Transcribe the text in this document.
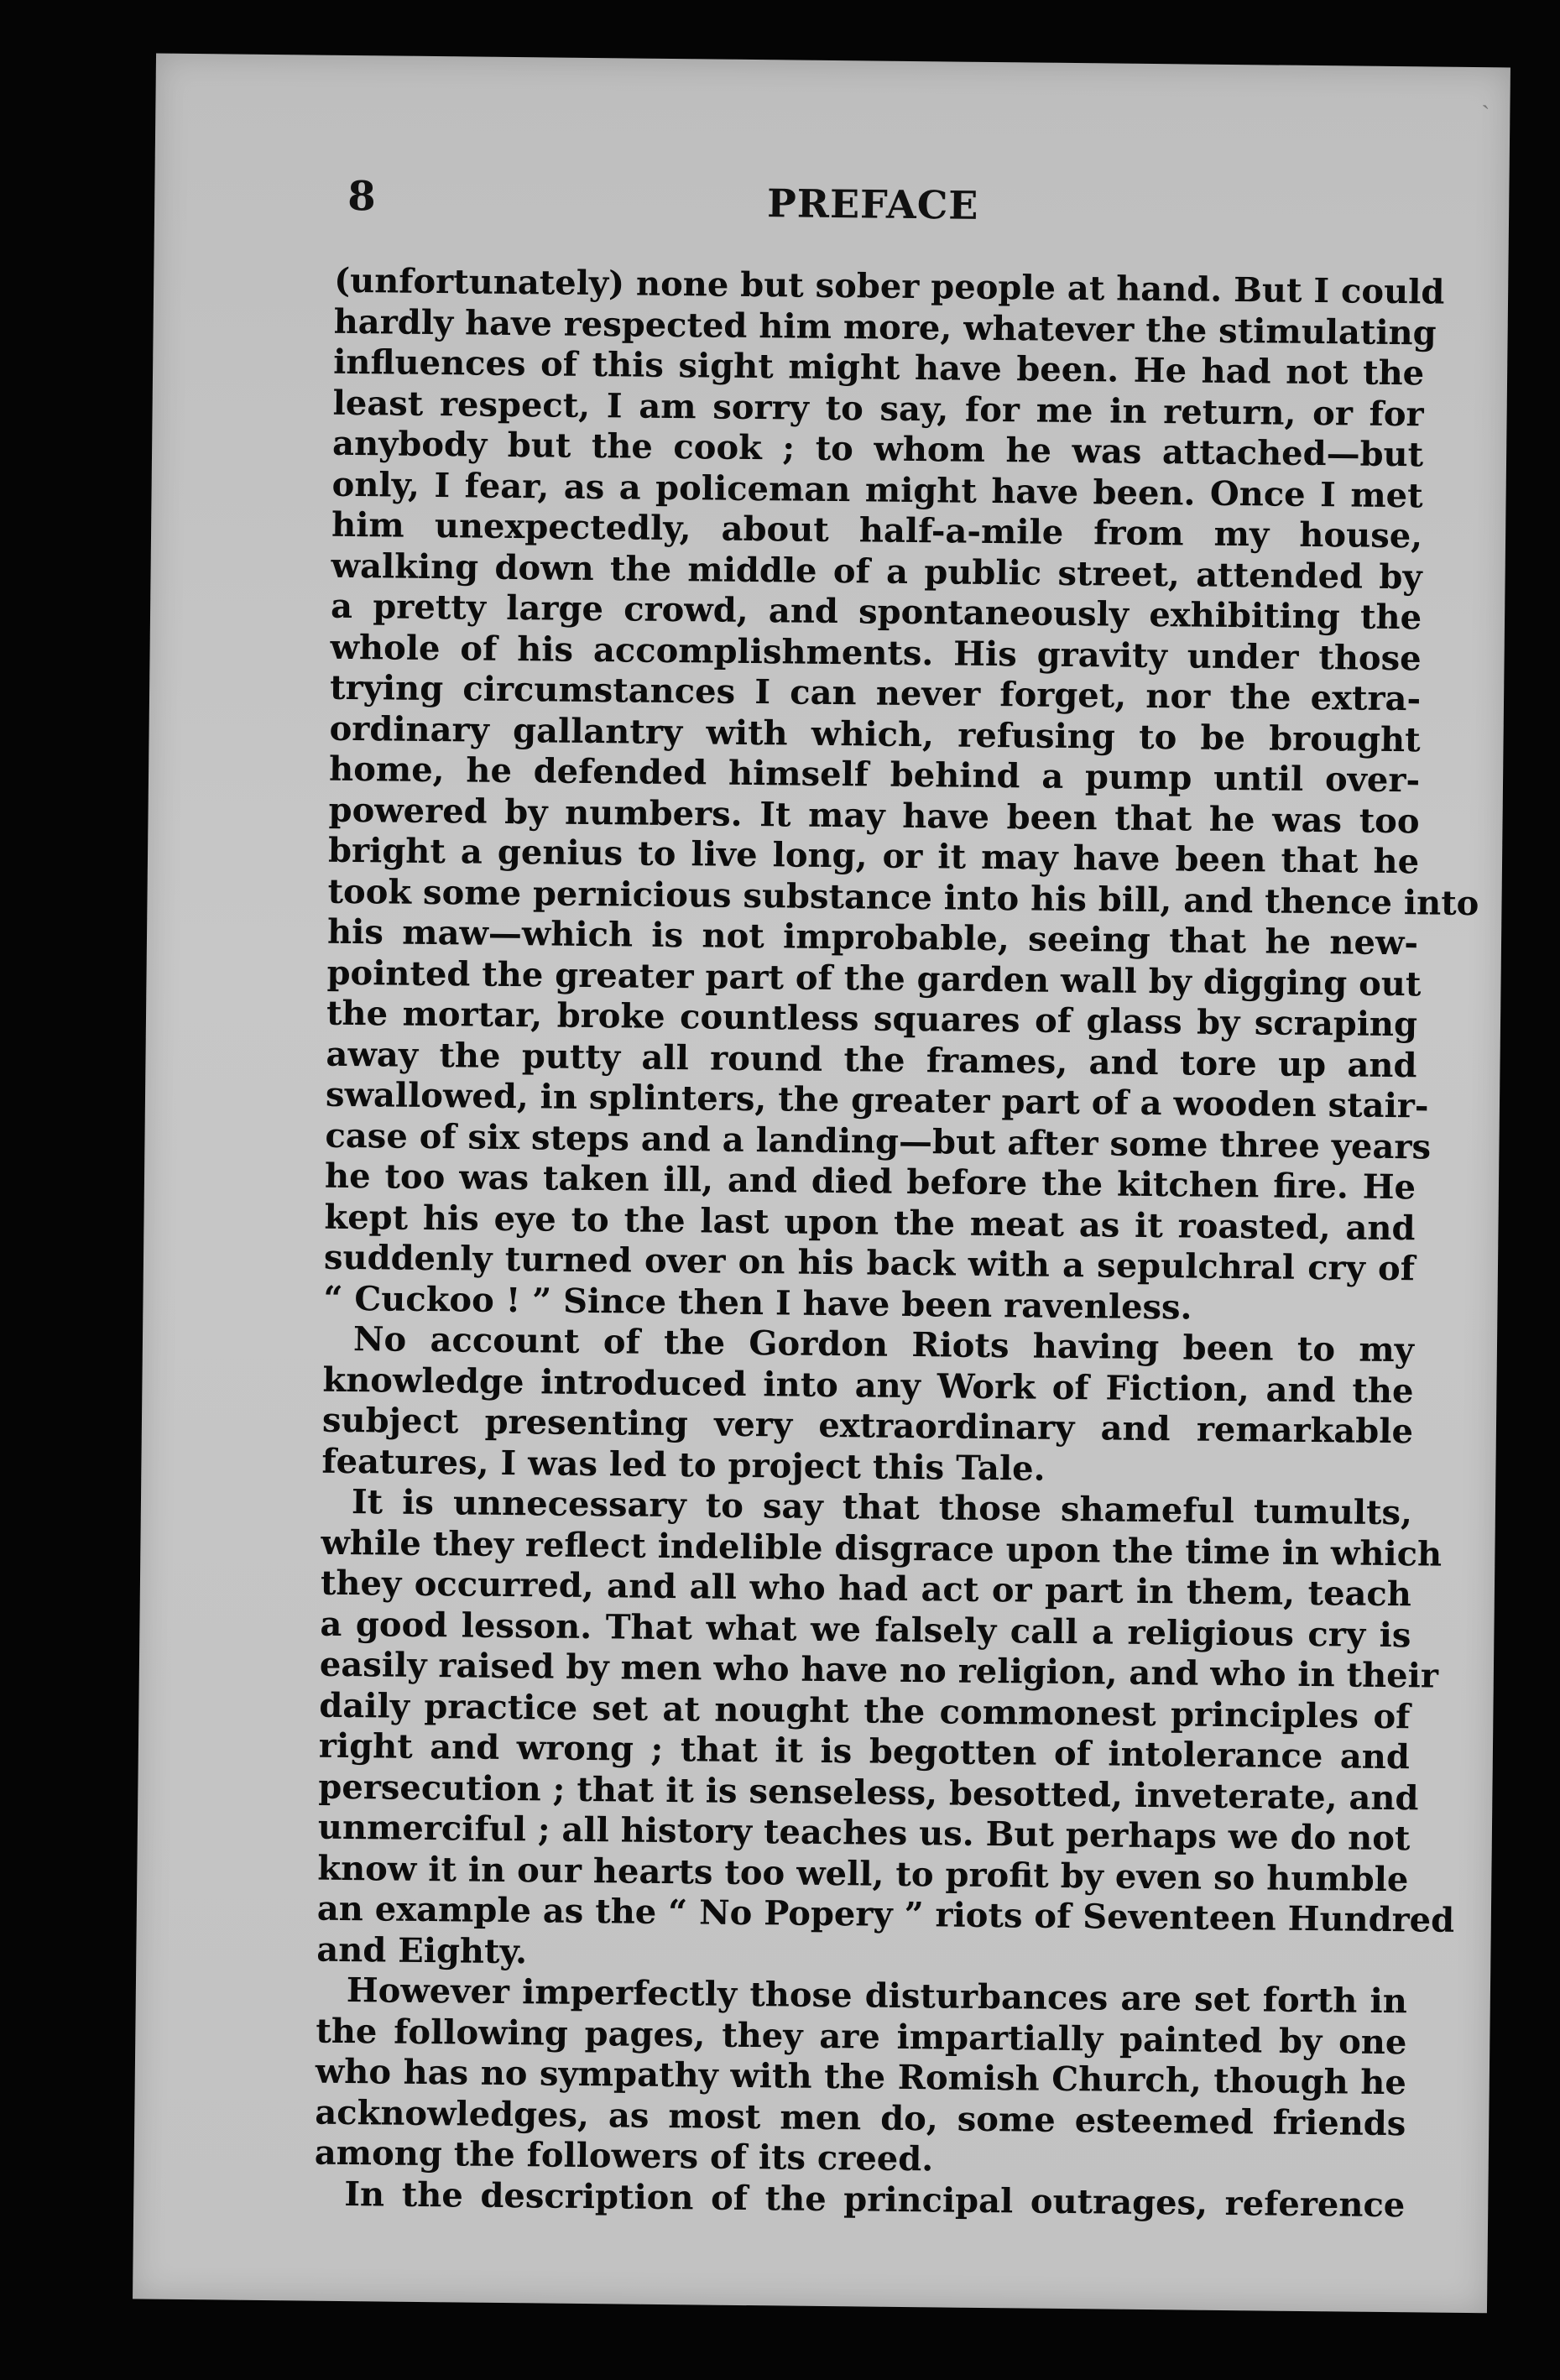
8	PREFACE
(unfortunately) none but sober people at hand. But I could
hardly have respected him more, whatever the stimulating
influences of this sight might have been. He had not the
least respect, I am sorry to say, for me in return, or for
anybody but the cook ; to whom he was attached—but
only, I fear, as a policeman might have been. Once I met
him unexpectedly, about half-a-mile from my house,
walking down the middle of a public street, attended by
a pretty large crowd, and spontaneously exhibiting the
whole of his accomplishments. His gravity under those
trying circumstances I can never forget, nor the extra-
ordinary gallantry with which, refusing to be brought
home, he defended himself behind a pump until over-
powered by numbers. It may have been that he was too
bright a genius to live long, or it may have been that he
took some pernicious substance into his bill, and thence into
his maw—which is not improbable, seeing that he new-
pointed the greater part of the garden wall by digging out
the mortar, broke countless squares of glass by scraping
away the putty all round the frames, and tore up and
swallowed, in splinters, the greater part of a wooden stair-
case of six steps and a landing—but after some three years
he too was taken ill, and died before the kitchen fire. He
kept his eye to the last upon the meat as it roasted, and
suddenly turned over on his back with a sepulchral cry of
“ Cuckoo ! ” Since then I have been ravenless.
No account of the Gordon Riots having been to my
knowledge introduced into any Work of Fiction, and the
subject presenting very extraordinary and remarkable
features, I was led to project this Tale.
It is unnecessary to say that those shameful tumults,
while they reflect indelible disgrace upon the time in which
they occurred, and all who had act or part in them, teach
a good lesson. That what we falsely call a religious cry is
easily raised by men who have no religion, and who in their
daily practice set at nought the commonest principles of
right and wrong ; that it is begotten of intolerance and
persecution ; that it is senseless, besotted, inveterate, and
unmerciful ; all history teaches us. But perhaps we do not
know it in our hearts too well, to profit by even so humble
an example as the “ No Popery ” riots of Seventeen Hundred
and Eighty.
However imperfectly those disturbances are set forth in
the following pages, they are impartially painted by one
who has no sympathy with the Romish Church, though he
acknowledges, as most men do, some esteemed friends
among the followers of its creed.
In the description of the principal outrages, reference
`
